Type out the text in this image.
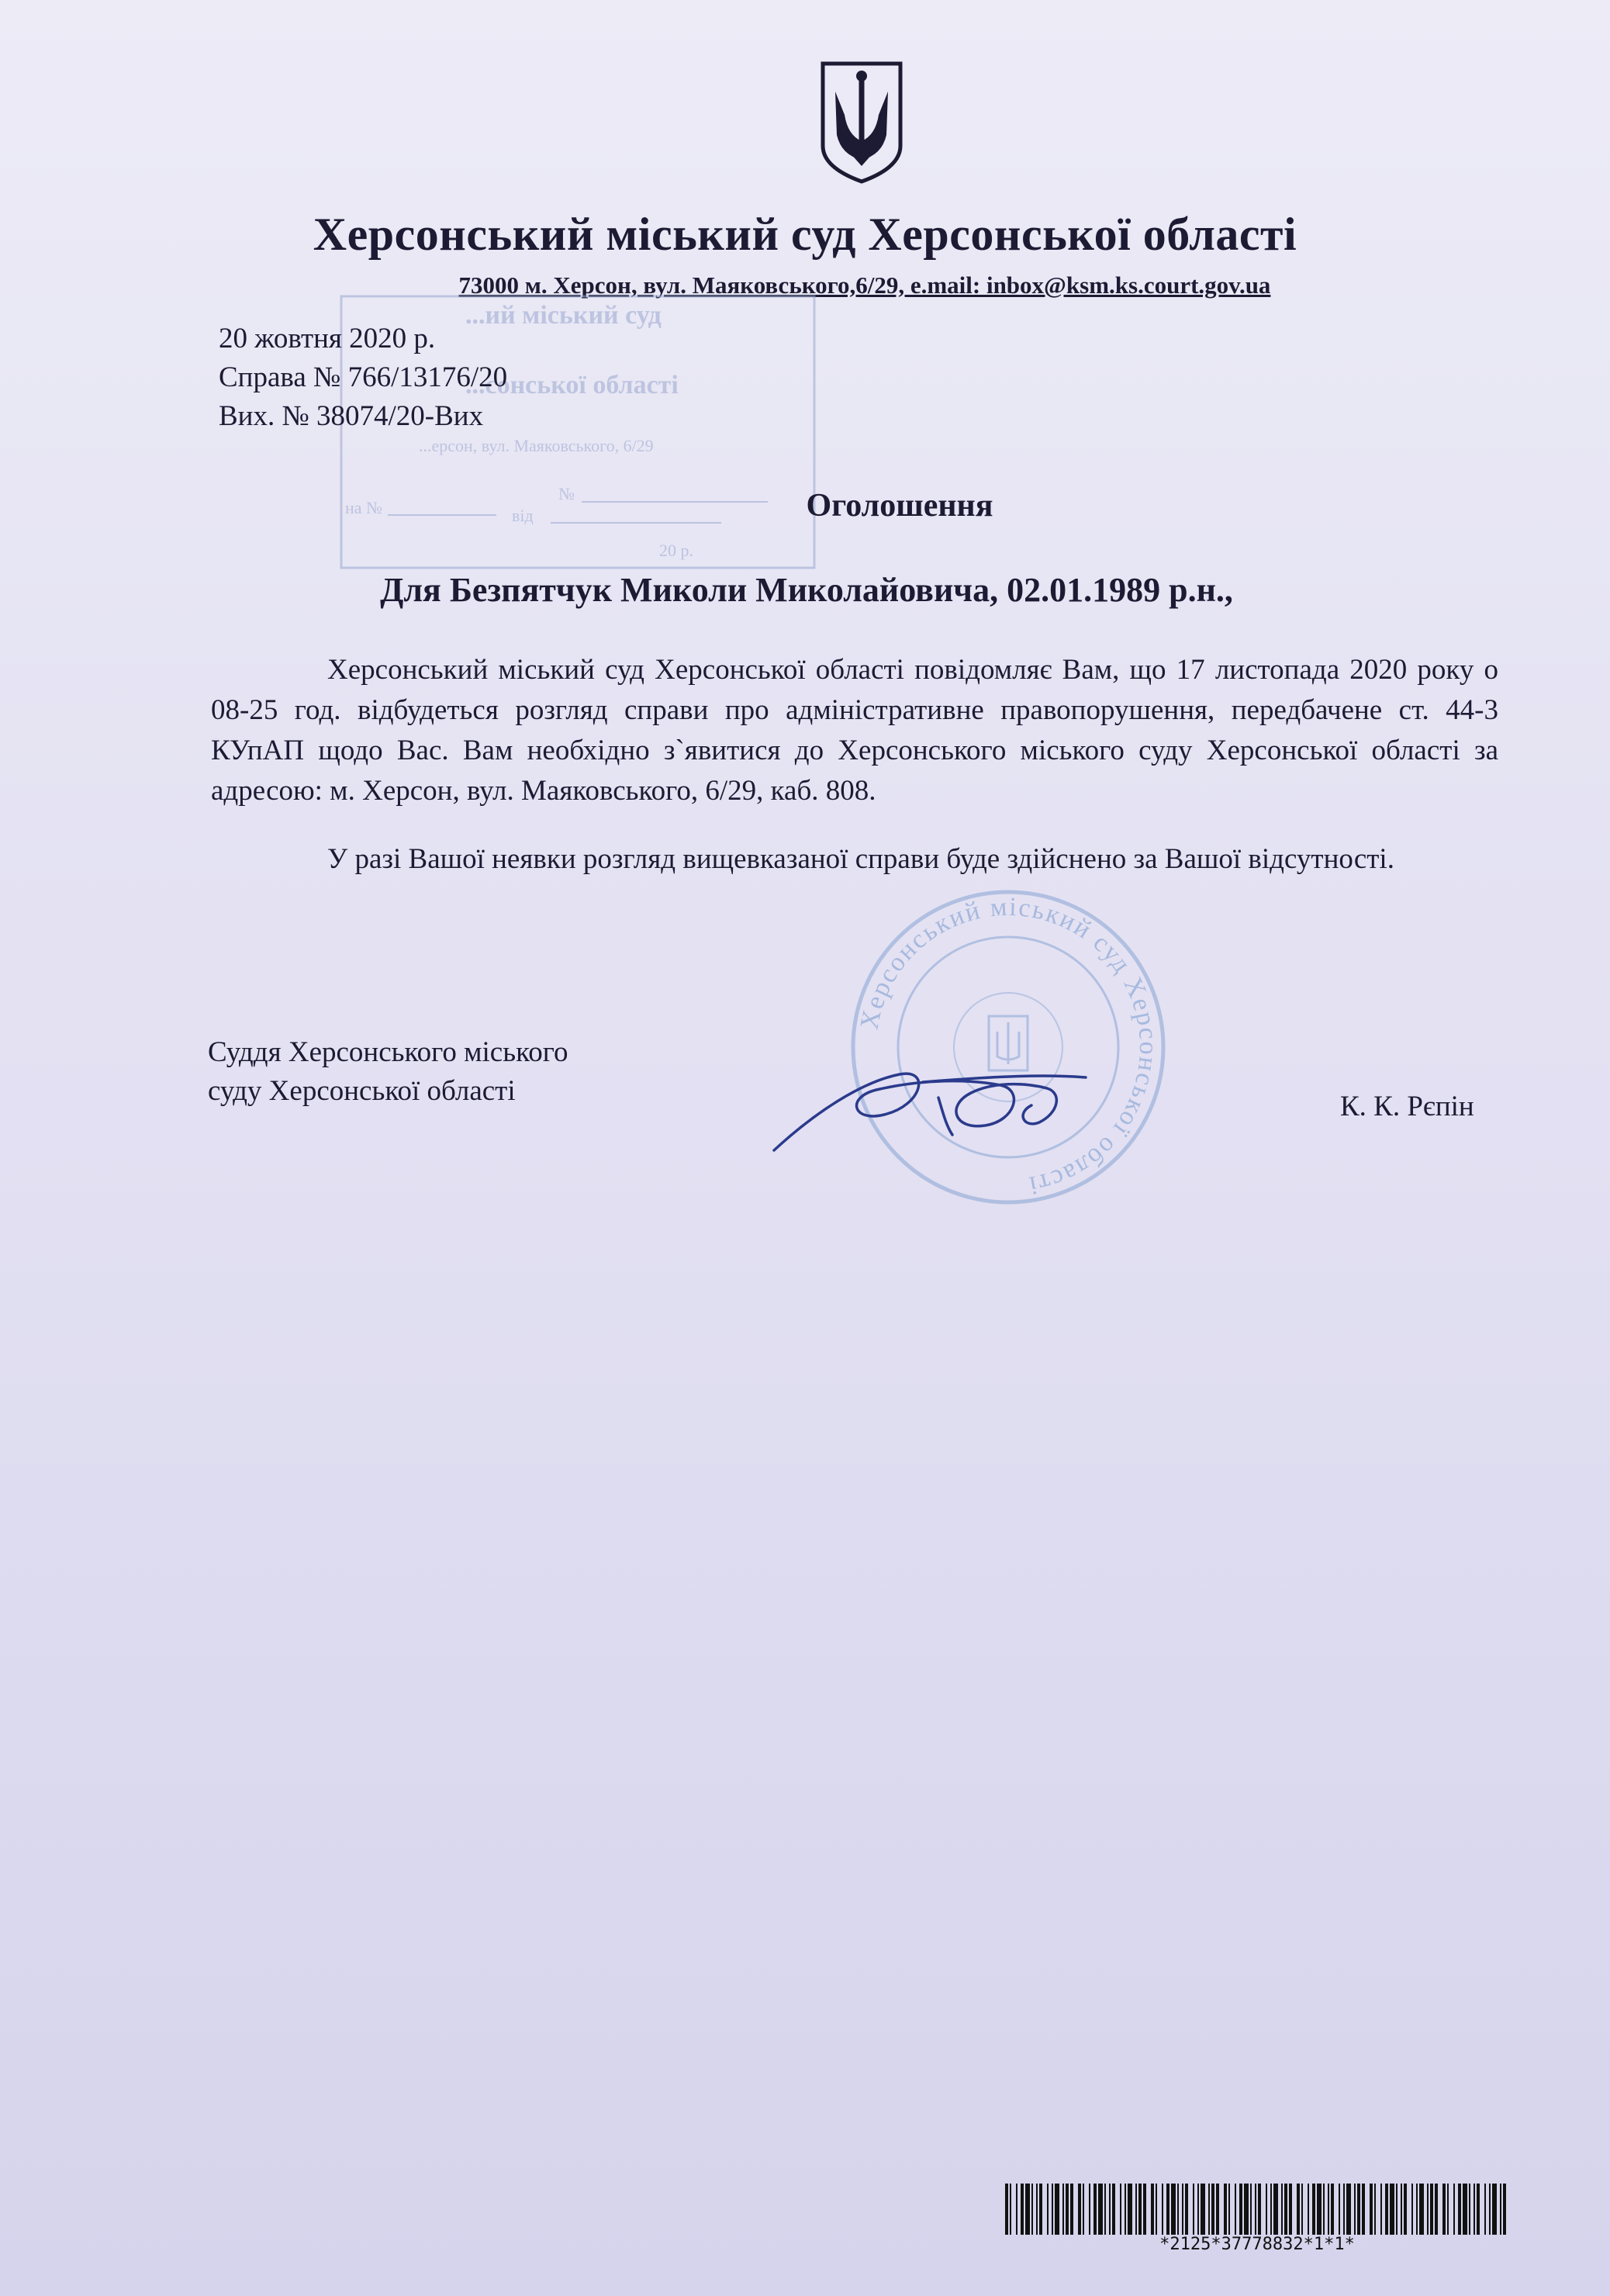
Херсонський міський суд Херсонської області
73000 м. Херсон, вул. Маяковського,6/29, e.mail: inbox@ksm.ks.court.gov.ua
...ий міський суд
...сонської області
...ерсон, вул. Маяковського, 6/29
№
на №	від
20 р.
20 жовтня 2020 р.
Справа № 766/13176/20
Вих. № 38074/20-Вих
Оголошення
Для Безпятчук Миколи Миколайовича, 02.01.1989 р.н.,
Херсонський міський суд Херсонської області повідомляє Вам, що 17 листопада 2020 року о 08-25 год. відбудеться розгляд справи про адміністративне правопорушення, передбачене ст. 44-3 КУпАП щодо Вас. Вам необхідно з`явитися до Херсонського міського суду Херсонської області за адресою: м. Херсон, вул. Маяковського, 6/29, каб. 808.
У разі Вашої неявки розгляд вищевказаної справи буде здійснено за Вашої відсутності.
Херсонський міський суд Херсонської області
Суддя Херсонського міського
суду Херсонської області	К. К. Рєпін
*2125*37778832*1*1*
